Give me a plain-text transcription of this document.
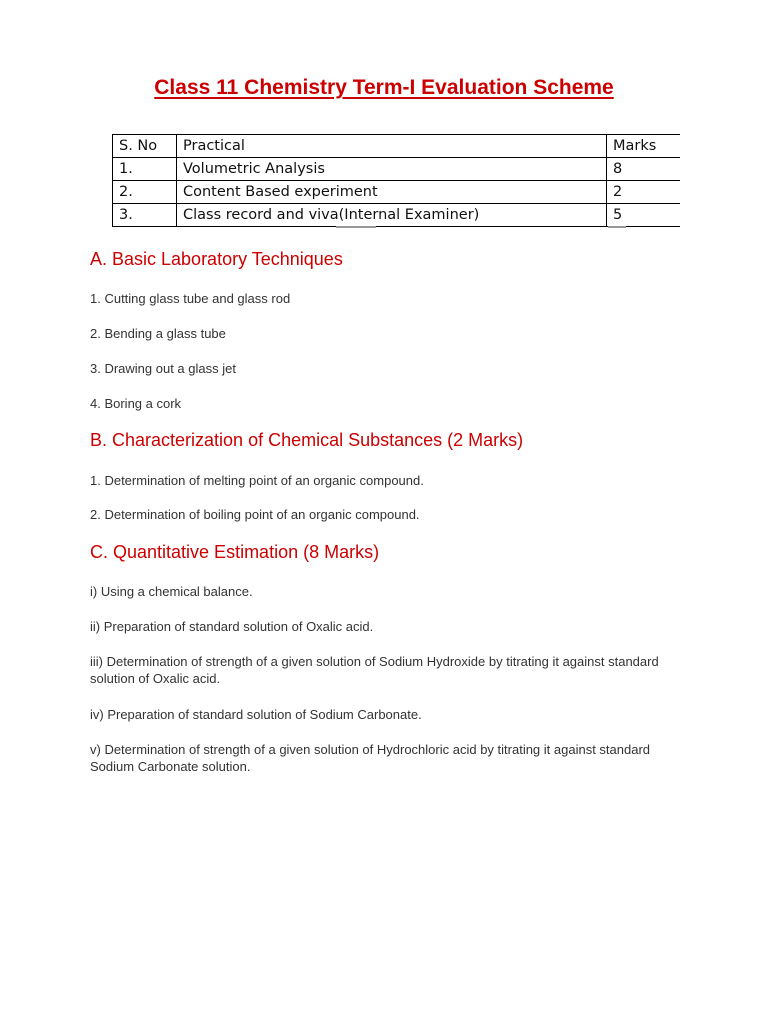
Class 11 Chemistry Term-I Evaluation Scheme
S. No	Practical	Marks
1.	Volumetric Analysis	8
2.	Content Based experiment	2
3.	Class record and viva(Internal Examiner)	5
A. Basic Laboratory Techniques

1. Cutting glass tube and glass rod

2. Bending a glass tube

3. Drawing out a glass jet

4. Boring a cork

B. Characterization of Chemical Substances (2 Marks)

1. Determination of melting point of an organic compound.

2. Determination of boiling point of an organic compound.

C. Quantitative Estimation (8 Marks)

i) Using a chemical balance.

ii) Preparation of standard solution of Oxalic acid.

iii) Determination of strength of a given solution of Sodium Hydroxide by titrating it against standard solution of Oxalic acid.

iv) Preparation of standard solution of Sodium Carbonate.

v) Determination of strength of a given solution of Hydrochloric acid by titrating it against standard Sodium Carbonate solution.
